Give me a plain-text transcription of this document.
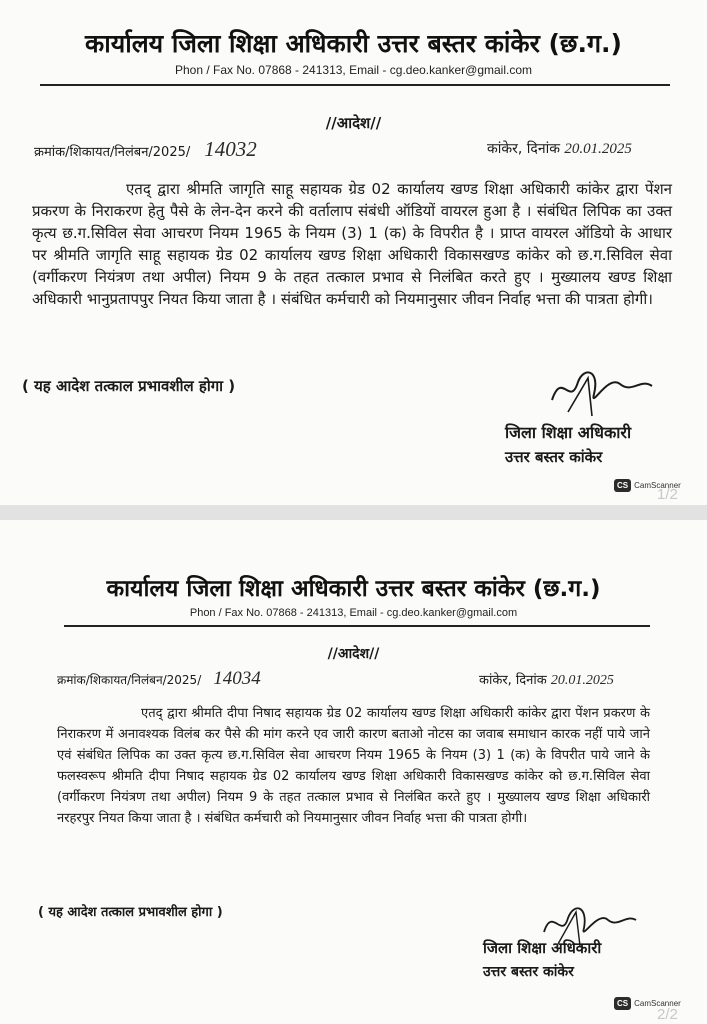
कार्यालय जिला शिक्षा अधिकारी उत्तर बस्तर कांकेर (छ.ग.)
Phon / Fax No. 07868 - 241313, Email - cg.deo.kanker@gmail.com
//आदेश//
क्रमांक/शिकायत/निलंबन/2025/ 14032	कांकेर, दिनांक 20.01.2025
एतद् द्वारा श्रीमति जागृति साहू सहायक ग्रेड 02 कार्यालय खण्ड शिक्षा अधिकारी कांकेर द्वारा पेंशन प्रकरण के निराकरण हेतु पैसे के लेन-देन करने की वर्तालाप संबंधी ऑडियों वायरल हुआ है । संबंधित लिपिक का उक्त कृत्य छ.ग.सिविल सेवा आचरण नियम 1965 के नियम (3) 1 (क) के विपरीत है । प्राप्त वायरल ऑडियो के आधार पर श्रीमति जागृति साहू सहायक ग्रेड 02 कार्यालय खण्ड शिक्षा अधिकारी विकासखण्ड कांकेर को छ.ग.सिविल सेवा (वर्गीकरण नियंत्रण तथा अपील) नियम 9 के तहत तत्काल प्रभाव से निलंबित करते हुए । मुख्यालय खण्ड शिक्षा अधिकारी भानुप्रतापपुर नियत किया जाता है । संबंधित कर्मचारी को नियमानुसार जीवन निर्वाह भत्ता की पात्रता होगी।
( यह आदेश तत्काल प्रभावशील होगा )
जिला शिक्षा अधिकारी
उत्तर बस्तर कांकेर
CS CamScanner
1/2
कार्यालय जिला शिक्षा अधिकारी उत्तर बस्तर कांकेर (छ.ग.)
Phon / Fax No. 07868 - 241313, Email - cg.deo.kanker@gmail.com
//आदेश//
क्रमांक/शिकायत/निलंबन/2025/ 14034	कांकेर, दिनांक 20.01.2025
एतद् द्वारा श्रीमति दीपा निषाद सहायक ग्रेड 02 कार्यालय खण्ड शिक्षा अधिकारी कांकेर द्वारा पेंशन प्रकरण के निराकरण में अनावश्यक विलंब कर पैसे की मांग करने एव जारी कारण बताओ नोटस का जवाब समाधान कारक नहीं पाये जाने एवं संबंधित लिपिक का उक्त कृत्य छ.ग.सिविल सेवा आचरण नियम 1965 के नियम (3) 1 (क) के विपरीत पाये जाने के फलस्वरूप श्रीमति दीपा निषाद सहायक ग्रेड 02 कार्यालय खण्ड शिक्षा अधिकारी विकासखण्ड कांकेर को छ.ग.सिविल सेवा (वर्गीकरण नियंत्रण तथा अपील) नियम 9 के तहत तत्काल प्रभाव से निलंबित करते हुए । मुख्यालय खण्ड शिक्षा अधिकारी नरहरपुर नियत किया जाता है । संबंधित कर्मचारी को नियमानुसार जीवन निर्वाह भत्ता की पात्रता होगी।
( यह आदेश तत्काल प्रभावशील होगा )
जिला शिक्षा अधिकारी
उत्तर बस्तर कांकेर
CS CamScanner
2/2
